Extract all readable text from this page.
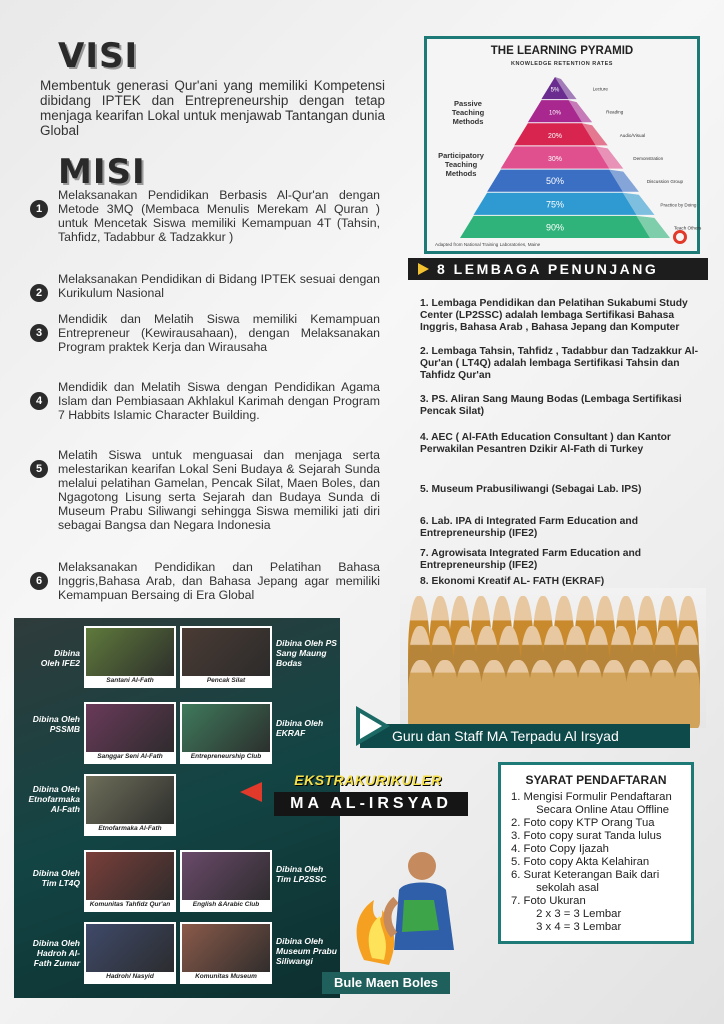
VISI
Membentuk generasi Qur'ani yang memiliki Kompetensi dibidang IPTEK dan Entrepreneurship dengan tetap menjaga kearifan Lokal untuk menjawab Tantangan dunia Global
MISI
1
Melaksanakan Pendidikan Berbasis Al-Qur'an dengan Metode 3MQ (Membaca Menulis Merekam Al Quran ) untuk Mencetak Siswa memiliki Kemampuan 4T (Tahsin, Tahfidz, Tadabbur & Tadzakkur )
2
Melaksanakan Pendidikan di Bidang IPTEK sesuai dengan Kurikulum Nasional
3
Mendidik dan Melatih Siswa memiliki Kemampuan Entrepreneur (Kewirausahaan), dengan Melaksanakan Program praktek Kerja dan Wirausaha
4
Mendidik dan Melatih Siswa dengan Pendidikan Agama Islam dan Pembiasaan Akhlakul Karimah dengan Program 7 Habbits Islamic Character Building.
5
Melatih Siswa untuk menguasai dan menjaga serta melestarikan kearifan Lokal Seni Budaya & Sejarah Sunda melalui pelatihan Gamelan, Pencak Silat, Maen Boles, dan Ngagotong Lisung serta Sejarah dan Budaya Sunda di Museum Prabu Siliwangi sehingga Siswa memiliki jati diri sebagai Bangsa dan Negara Indonesia
6
Melaksanakan Pendidikan dan Pelatihan Bahasa Inggris,Bahasa Arab, dan Bahasa Jepang agar memiliki Kemampuan Bersaing di Era Global
5%	Lecture
10%	Reading
20%	Audio/Visual
30%	Demonstration
50%	Discussion Group
75%	Practice by Doing
90%	Teach Others
THE LEARNING PYRAMID
KNOWLEDGE RETENTION RATES
Passive Teaching Methods
Participatory Teaching Methods
Adapted from National Training Laboratories, Maine
8 LEMBAGA PENUNJANG
1. Lembaga Pendidikan dan Pelatihan Sukabumi Study Center (LP2SSC) adalah lembaga Sertifikasi Bahasa Inggris, Bahasa Arab , Bahasa Jepang dan Komputer
2. Lembaga Tahsin, Tahfidz , Tadabbur dan Tadzakkur Al- Qur'an ( LT4Q) adalah lembaga Sertifikasi Tahsin dan Tahfidz Qur'an
3. PS. Aliran Sang Maung Bodas (Lembaga Sertifikasi Pencak Silat)
4. AEC ( Al-FAth Education Consultant ) dan Kantor Perwakilan Pesantren Dzikir Al-Fath di Turkey
5. Museum Prabusiliwangi (Sebagai Lab. IPS)
6. Lab. IPA di Integrated Farm Education and Entrepreneurship (IFE2)
7. Agrowisata Integrated Farm Education and Entrepreneurship (IFE2)
8. Ekonomi Kreatif AL- FATH (EKRAF)
Guru dan Staff MA Terpadu Al Irsyad
SYARAT PENDAFTARAN
1. Mengisi Formulir Pendaftaran
Secara Online Atau Offline
2. Foto copy KTP Orang Tua
3. Foto copy surat Tanda lulus
4. Foto Copy Ijazah
5. Foto copy Akta Kelahiran
6. Surat Keterangan Baik dari
sekolah asal
7. Foto Ukuran
2 x 3 = 3 Lembar
3 x 4 = 3 Lembar
EKSTRAKURIKULER
MA AL-IRSYAD
Bule Maen Boles
Santani Al-Fath
Dibina Oleh IFE2
Pencak Silat
Dibina Oleh PS Sang Maung Bodas
Sanggar Seni Al-Fath
Dibina Oleh PSSMB
Entrepreneurship Club
Dibina Oleh EKRAF
Etnofarmaka Al-Fath
Dibina Oleh Etnofarmaka Al-Fath
Komunitas Tahfidz Qur'an
Dibina Oleh Tim LT4Q
English &Arabic Club
Dibina Oleh Tim LP2SSC
Hadroh/ Nasyid
Dibina Oleh Hadroh Al-Fath Zumar
Komunitas Museum
Dibina Oleh Museum Prabu Siliwangi
